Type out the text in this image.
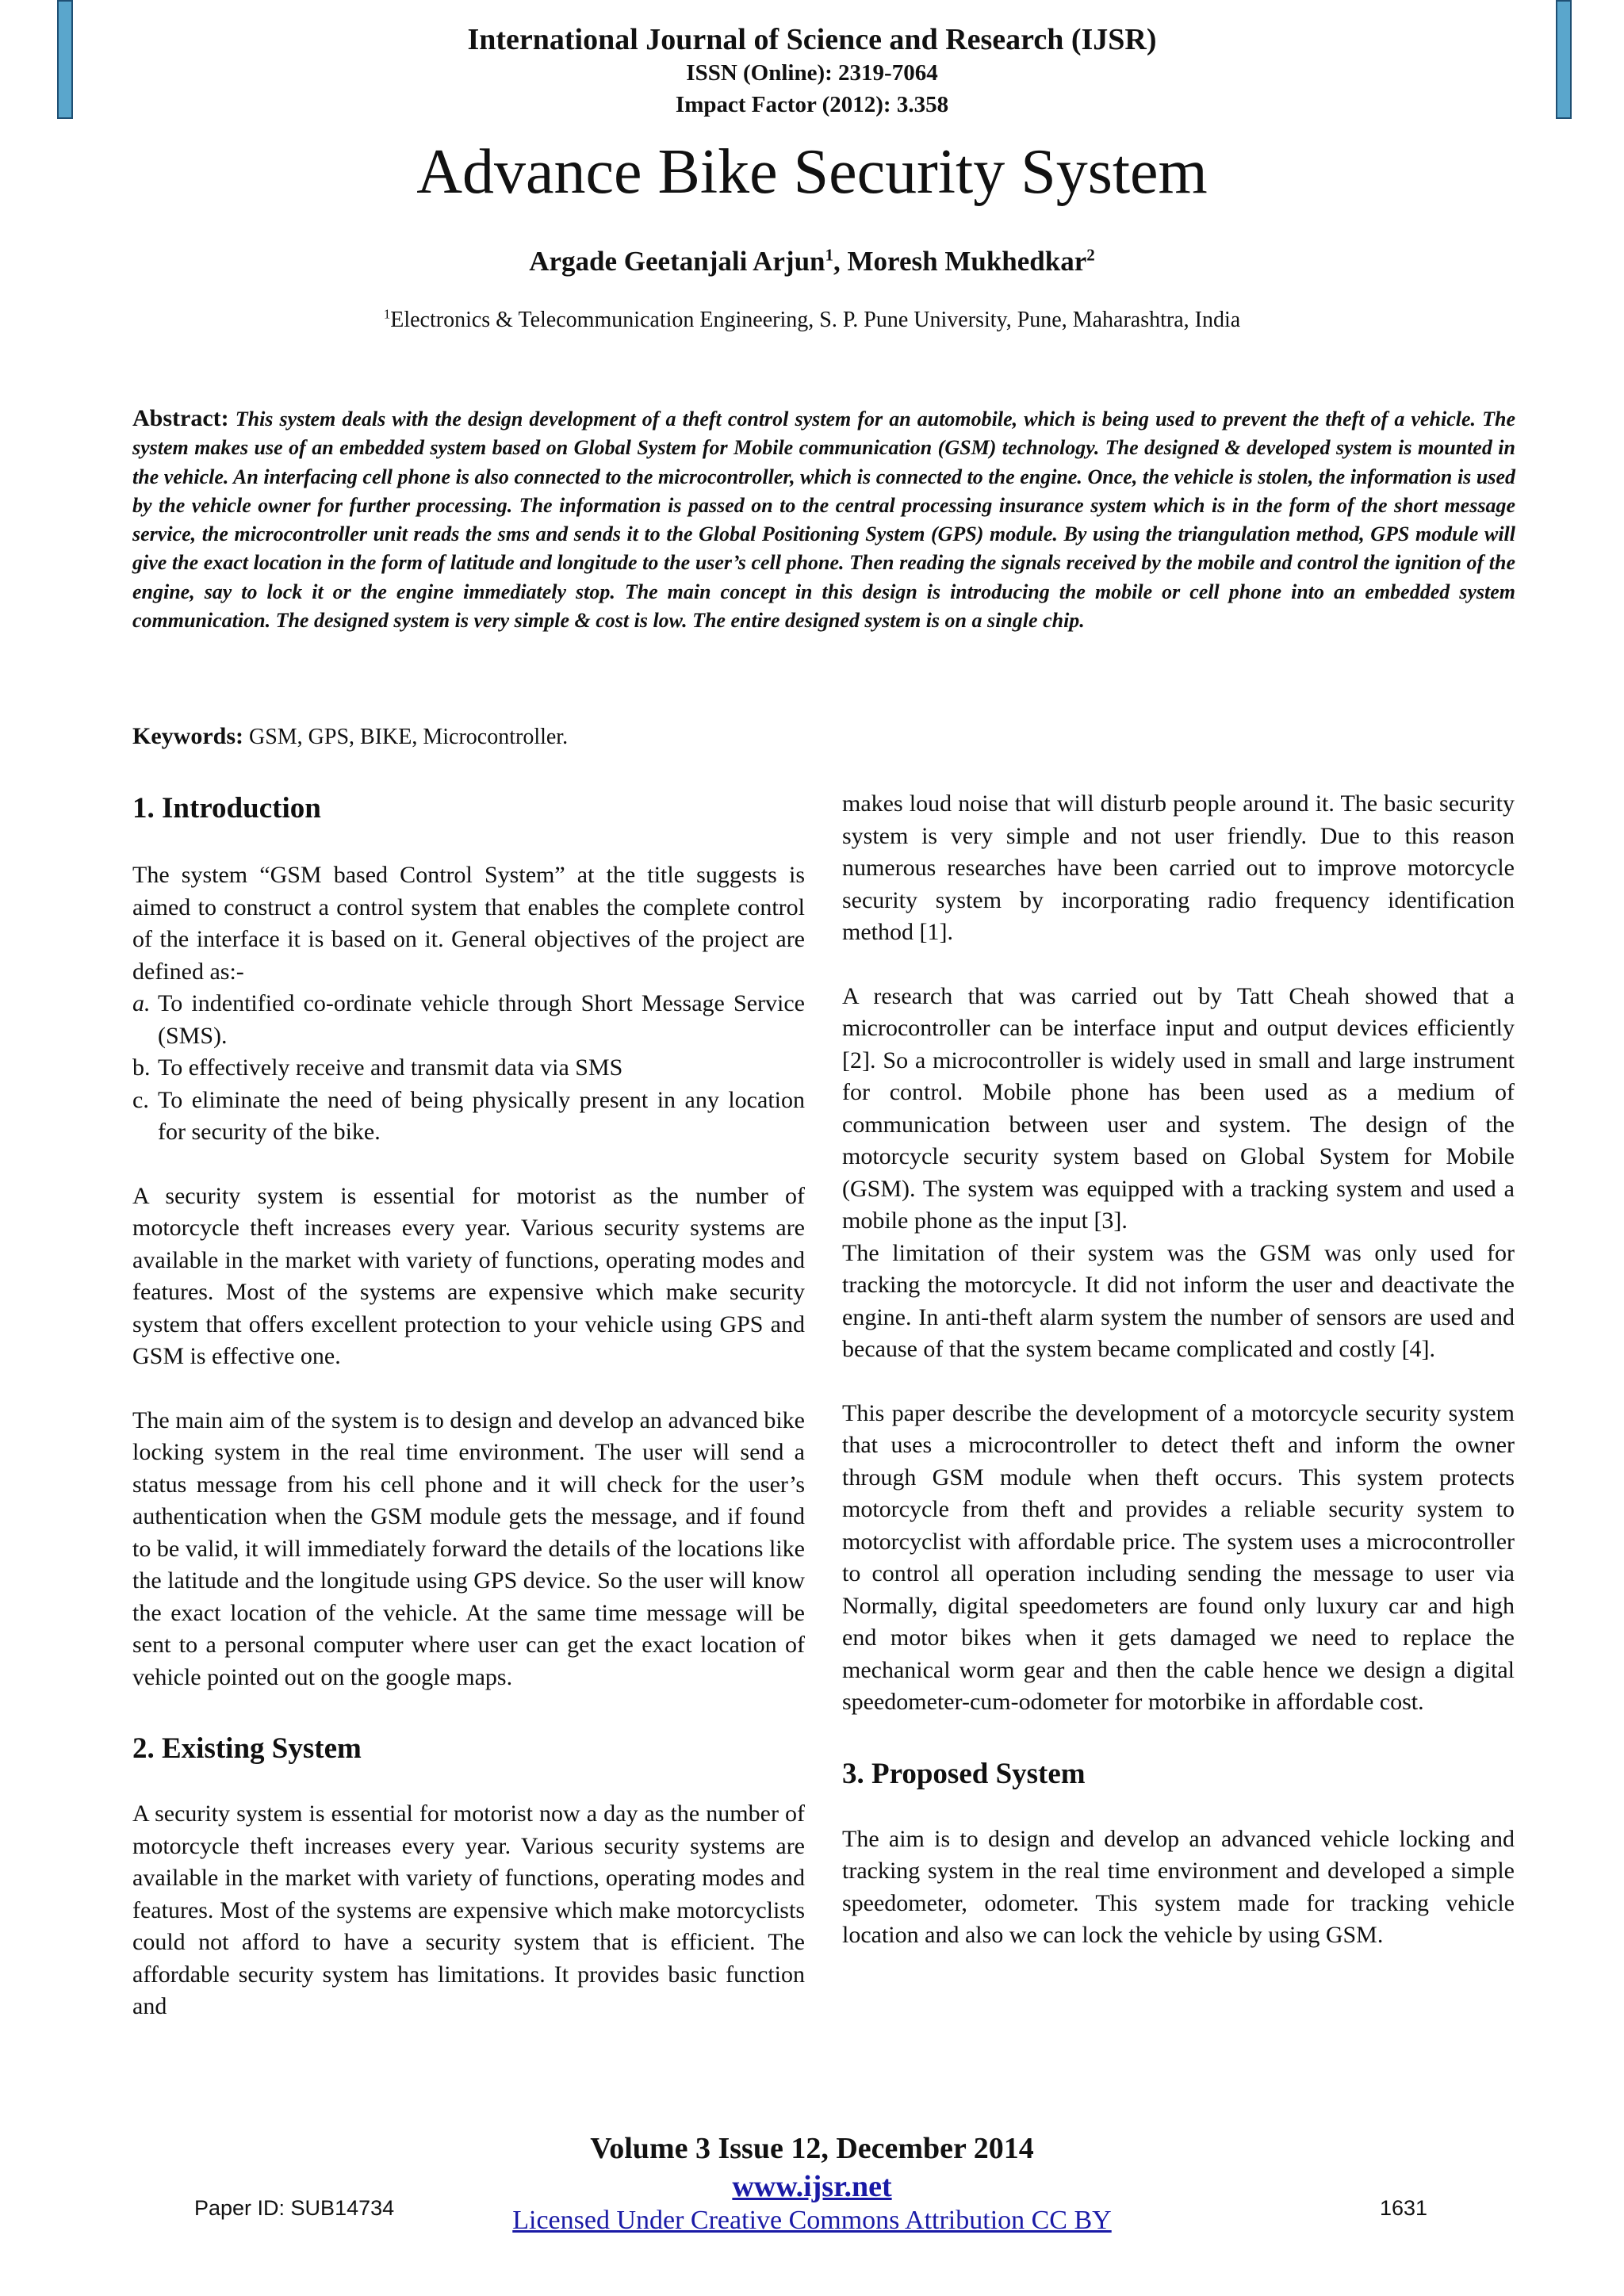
International Journal of Science and Research (IJSR)
ISSN (Online): 2319-7064
Impact Factor (2012): 3.358
Advance Bike Security System
Argade Geetanjali Arjun$^1$, Moresh Mukhedkar$^2$
$^1$Electronics & Telecommunication Engineering, S. P. Pune University, Pune, Maharashtra, India
Abstract: This system deals with the design development of a theft control system for an automobile, which is being used to prevent the theft of a vehicle. The system makes use of an embedded system based on Global System for Mobile communication (GSM) technology. The designed & developed system is mounted in the vehicle. An interfacing cell phone is also connected to the microcontroller, which is connected to the engine. Once, the vehicle is stolen, the information is used by the vehicle owner for further processing. The information is passed on to the central processing insurance system which is in the form of the short message service, the microcontroller unit reads the sms and sends it to the Global Positioning System (GPS) module. By using the triangulation method, GPS module will give the exact location in the form of latitude and longitude to the user’s cell phone. Then reading the signals received by the mobile and control the ignition of the engine, say to lock it or the engine immediately stop. The main concept in this design is introducing the mobile or cell phone into an embedded system communication. The designed system is very simple & cost is low. The entire designed system is on a single chip.
Keywords: GSM, GPS, BIKE, Microcontroller.
1. Introduction

The system “GSM based Control System” at the title suggests is aimed to construct a control system that enables the complete control of the interface it is based on it. General objectives of the project are defined as:-

a. To indentified co-ordinate vehicle through Short Message Service (SMS).
b. To effectively receive and transmit data via SMS
c. To eliminate the need of being physically present in any location for security of the bike.

A security system is essential for motorist as the number of motorcycle theft increases every year. Various security systems are available in the market with variety of functions, operating modes and features. Most of the systems are expensive which make security system that offers excellent protection to your vehicle using GPS and GSM is effective one.

The main aim of the system is to design and develop an advanced bike locking system in the real time environment. The user will send a status message from his cell phone and it will check for the user’s authentication when the GSM module gets the message, and if found to be valid, it will immediately forward the details of the locations like the latitude and the longitude using GPS device. So the user will know the exact location of the vehicle. At the same time message will be sent to a personal computer where user can get the exact location of vehicle pointed out on the google maps.

2. Existing System

A security system is essential for motorist now a day as the number of motorcycle theft increases every year. Various security systems are available in the market with variety of functions, operating modes and features. Most of the systems are expensive which make motorcyclists could not afford to have a security system that is efficient. The affordable security system has limitations. It provides basic function and

makes loud noise that will disturb people around it. The basic security system is very simple and not user friendly. Due to this reason numerous researches have been carried out to improve motorcycle security system by incorporating radio frequency identification method [1].

A research that was carried out by Tatt Cheah showed that a microcontroller can be interface input and output devices efficiently [2]. So a microcontroller is widely used in small and large instrument for control. Mobile phone has been used as a medium of communication between user and system. The design of the motorcycle security system based on Global System for Mobile (GSM). The system was equipped with a tracking system and used a mobile phone as the input [3].

The limitation of their system was the GSM was only used for tracking the motorcycle. It did not inform the user and deactivate the engine. In anti-theft alarm system the number of sensors are used and because of that the system became complicated and costly [4].

This paper describe the development of a motorcycle security system that uses a microcontroller to detect theft and inform the owner through GSM module when theft occurs. This system protects motorcycle from theft and provides a reliable security system to motorcyclist with affordable price. The system uses a microcontroller to control all operation including sending the message to user via Normally, digital speedometers are found only luxury car and high end motor bikes when it gets damaged we need to replace the mechanical worm gear and then the cable hence we design a digital speedometer-cum-odometer for motorbike in affordable cost.

3. Proposed System

The aim is to design and develop an advanced vehicle locking and tracking system in the real time environment and developed a simple speedometer, odometer. This system made for tracking vehicle location and also we can lock the vehicle by using GSM.

Volume 3 Issue 12, December 2014
www.ijsr.net
Licensed Under Creative Commons Attribution CC BY
Paper ID: SUB14734	1631
